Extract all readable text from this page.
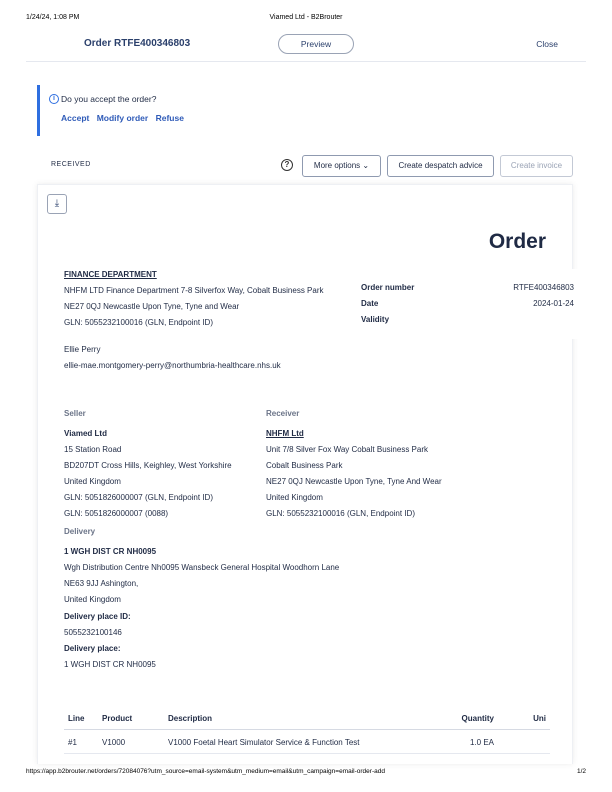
1/24/24, 1:08 PM	Viamed Ltd - B2Brouter
Order RTFE400346803	Preview	Close
i Do you accept the order?
Accept Modify order Refuse
RECEIVED	?	More options ⌄	Create despatch advice	Create invoice
⤓
Order
FINANCE DEPARTMENT
NHFM LTD Finance Department 7-8 Silverfox Way, Cobalt Business Park
NE27 0QJ Newcastle Upon Tyne, Tyne and Wear
GLN: 5055232100016 (GLN, Endpoint ID)
Order number	RTFE400346803
Date	2024-01-24
Validity
Ellie Perry
ellie-mae.montgomery-perry@northumbria-healthcare.nhs.uk
Seller
Viamed Ltd
15 Station Road
BD207DT Cross Hills, Keighley, West Yorkshire
United Kingdom
GLN: 5051826000007 (GLN, Endpoint ID)
GLN: 5051826000007 (0088)
Receiver
NHFM Ltd
Unit 7/8 Silver Fox Way Cobalt Business Park
Cobalt Business Park
NE27 0QJ Newcastle Upon Tyne, Tyne And Wear
United Kingdom
GLN: 5055232100016 (GLN, Endpoint ID)
Delivery
1 WGH DIST CR NH0095
Wgh Distribution Centre Nh0095 Wansbeck General Hospital Woodhorn Lane
NE63 9JJ Ashington,
United Kingdom
Delivery place ID:
5055232100146
Delivery place:
1 WGH DIST CR NH0095
Line	Product	Description	Quantity	Uni
#1	V1000	V1000 Foetal Heart Simulator Service & Function Test	1.0 EA	
https://app.b2brouter.net/orders/72084076?utm_source=email-system&utm_medium=email&utm_campaign=email-order-add	1/2
